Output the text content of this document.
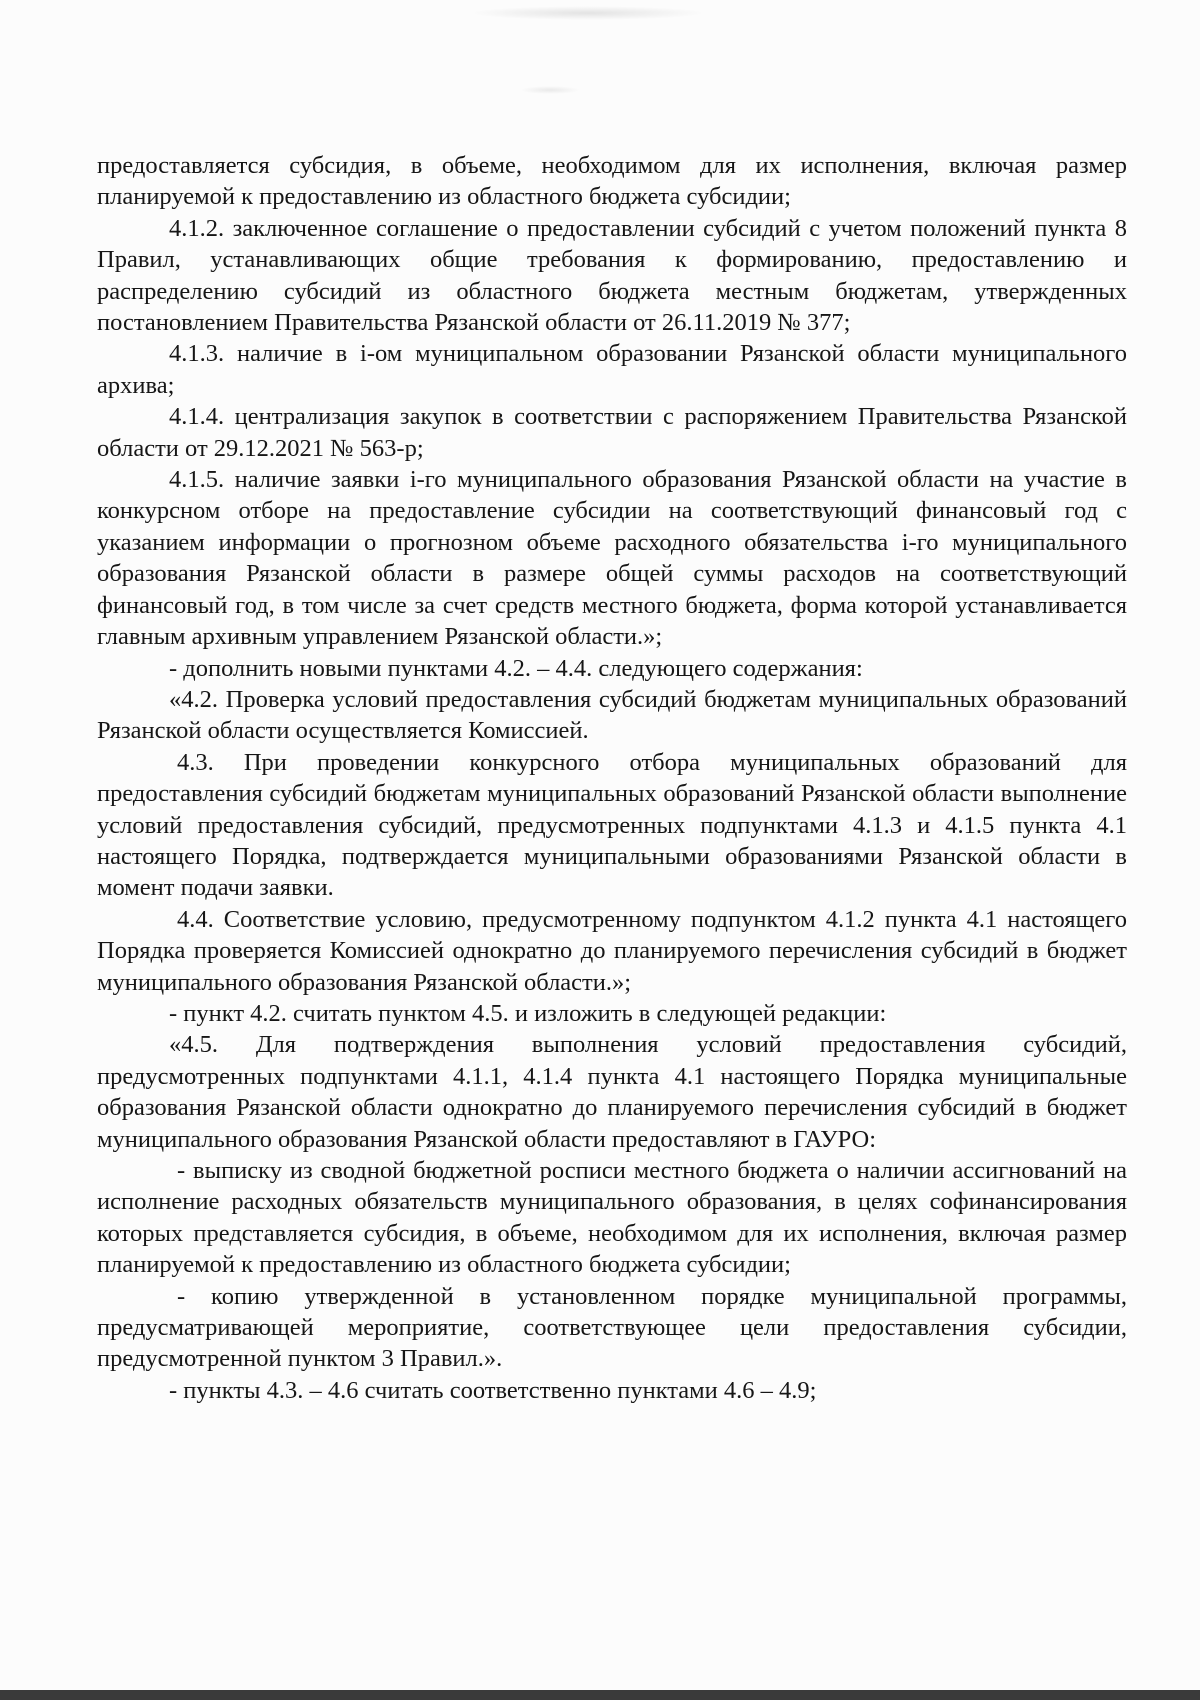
предоставляется субсидия, в объеме, необходимом для их исполнения, включая размер планируемой к предоставлению из областного бюджета субсидии;

4.1.2. заключенное соглашение о предоставлении субсидий с учетом положений пункта 8 Правил, устанавливающих общие требования к формированию, предоставлению и распределению субсидий из областного бюджета местным бюджетам, утвержденных постановлением Правительства Рязанской области от 26.11.2019 № 377;

4.1.3. наличие в i-ом муниципальном образовании Рязанской области муниципального архива;

4.1.4. централизация закупок в соответствии с распоряжением Правительства Рязанской области от 29.12.2021 № 563-р;

4.1.5. наличие заявки i-го муниципального образования Рязанской области на участие в конкурсном отборе на предоставление субсидии на соответствующий финансовый год с указанием информации о прогнозном объеме расходного обязательства i-го муниципального образования Рязанской области в размере общей суммы расходов на соответствующий финансовый год, в том числе за счет средств местного бюджета, форма которой устанавливается главным архивным управлением Рязанской области.»;

- дополнить новыми пунктами 4.2. – 4.4. следующего содержания:

«4.2. Проверка условий предоставления субсидий бюджетам муниципальных образований Рязанской области осуществляется Комиссией.

4.3. При проведении конкурсного отбора муниципальных образований для предоставления субсидий бюджетам муниципальных образований Рязанской области выполнение условий предоставления субсидий, предусмотренных подпунктами 4.1.3 и 4.1.5 пункта 4.1 настоящего Порядка, подтверждается муниципальными образованиями Рязанской области в момент подачи заявки.

4.4. Соответствие условию, предусмотренному подпунктом 4.1.2 пункта 4.1 настоящего Порядка проверяется Комиссией однократно до планируемого перечисления субсидий в бюджет муниципального образования Рязанской области.»;

- пункт 4.2. считать пунктом 4.5. и изложить в следующей редакции:

«4.5. Для подтверждения выполнения условий предоставления субсидий, предусмотренных подпунктами 4.1.1, 4.1.4 пункта 4.1 настоящего Порядка муниципальные образования Рязанской области однократно до планируемого перечисления субсидий в бюджет муниципального образования Рязанской области предоставляют в ГАУРО:

- выписку из сводной бюджетной росписи местного бюджета о наличии ассигнований на исполнение расходных обязательств муниципального образования, в целях софинансирования которых представляется субсидия, в объеме, необходимом для их исполнения, включая размер планируемой к предоставлению из областного бюджета субсидии;

- копию утвержденной в установленном порядке муниципальной программы, предусматривающей мероприятие, соответствующее цели предоставления субсидии, предусмотренной пунктом 3 Правил.».

- пункты 4.3. – 4.6 считать соответственно пунктами 4.6 – 4.9;
